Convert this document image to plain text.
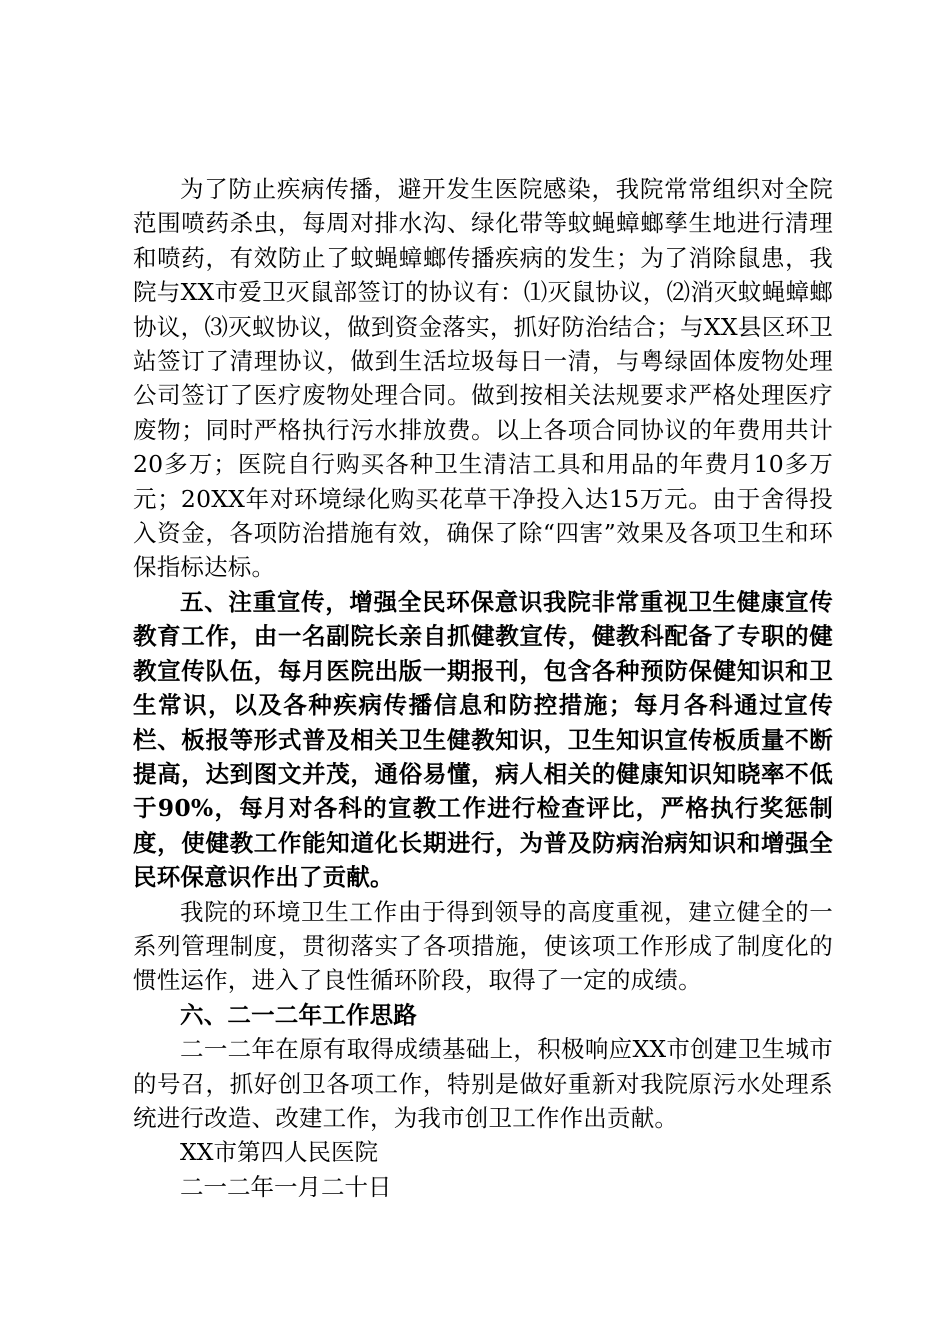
为了防止疾病传播，避开发生医院感染，我院常常组织对全院范围喷药杀虫，每周对排水沟、绿化带等蚊蝇蟑螂孳生地进行清理和喷药，有效防止了蚊蝇蟑螂传播疾病的发生；为了消除鼠患，我院与XX市爱卫灭鼠部签订的协议有：⑴灭鼠协议，⑵消灭蚊蝇蟑螂协议，⑶灭蚁协议，做到资金落实，抓好防治结合；与XX县区环卫站签订了清理协议，做到生活垃圾每日一清，与粤绿固体废物处理公司签订了医疗废物处理合同。做到按相关法规要求严格处理医疗废物；同时严格执行污水排放费。以上各项合同协议的年费用共计20多万；医院自行购买各种卫生清洁工具和用品的年费月10多万元；20XX年对环境绿化购买花草干净投入达15万元。由于舍得投入资金，各项防治措施有效，确保了除“四害”效果及各项卫生和环保指标达标。

五、注重宣传，增强全民环保意识我院非常重视卫生健康宣传教育工作，由一名副院长亲自抓健教宣传，健教科配备了专职的健教宣传队伍，每月医院出版一期报刊，包含各种预防保健知识和卫生常识，以及各种疾病传播信息和防控措施；每月各科通过宣传栏、板报等形式普及相关卫生健教知识，卫生知识宣传板质量不断提高，达到图文并茂，通俗易懂，病人相关的健康知识知晓率不低于90%，每月对各科的宣教工作进行检查评比，严格执行奖惩制度，使健教工作能知道化长期进行，为普及防病治病知识和增强全民环保意识作出了贡献。

我院的环境卫生工作由于得到领导的高度重视，建立健全的一系列管理制度，贯彻落实了各项措施，使该项工作形成了制度化的惯性运作，进入了良性循环阶段，取得了一定的成绩。

六、二一二年工作思路

二一二年在原有取得成绩基础上，积极响应XX市创建卫生城市的号召，抓好创卫各项工作，特别是做好重新对我院原污水处理系统进行改造、改建工作，为我市创卫工作作出贡献。

XX市第四人民医院

二一二年一月二十日
